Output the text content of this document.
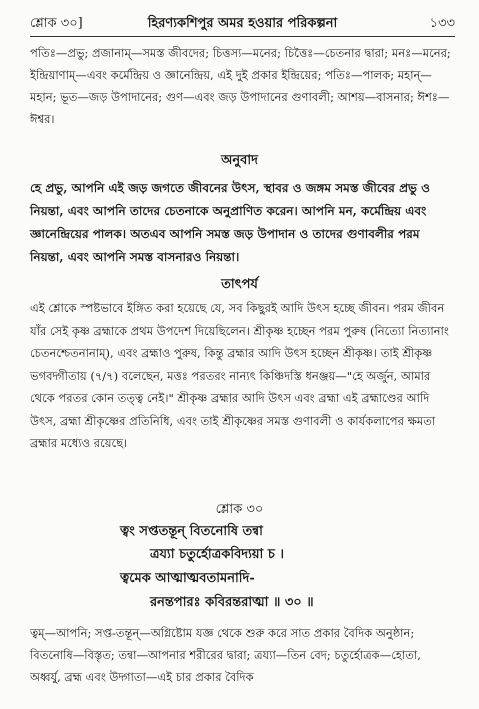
শ্লোক ৩০]	হিরণ্যকশিপুর অমর হওয়ার পরিকল্পনা	১৩৩

পতিঃ—প্রভু; প্রজানাম্—সমস্ত জীবদের; চিত্তস্য—মনের; চিত্তৈঃ—চেতনার দ্বারা; মনঃ—মনের; ইন্দ্রিয়াণাম্—এবং কর্মেন্দ্রিয় ও জ্ঞানেন্দ্রিয়, এই দুই প্রকার ইন্দ্রিয়ের; পতিঃ—পালক; মহান্—মহান; ভূত—জড় উপাদানের; গুণ—এবং জড় উপাদানের গুণাবলী; আশয়—বাসনার; ঈশঃ—ঈশ্বর।

অনুবাদ

হে প্রভু, আপনি এই জড় জগতে জীবনের উৎস, স্থাবর ও জঙ্গম সমস্ত জীবের প্রভু ও নিয়ন্তা, এবং আপনি তাদের চেতনাকে অনুপ্রাণিত করেন। আপনি মন, কর্মেন্দ্রিয় এবং জ্ঞানেন্দ্রিয়ের পালক। অতএব আপনি সমস্ত জড় উপাদান ও তাদের গুণাবলীর পরম নিয়ন্তা, এবং আপনি সমস্ত বাসনারও নিয়ন্তা।

তাৎপর্য

এই শ্লোকে স্পষ্টভাবে ইঙ্গিত করা হয়েছে যে, সব কিছুরই আদি উৎস হচ্ছে জীবন। পরম জীবন যাঁর সেই কৃষ্ণ ব্রহ্মাকে প্রথম উপদেশ দিয়েছিলেন। শ্রীকৃষ্ণ হচ্ছেন পরম পুরুষ (নিত্যো নিত্যানাং চেতনশ্চেতনানাম্), এবং ব্রহ্মাও পুরুষ, কিন্তু ব্রহ্মার আদি উৎস হচ্ছেন শ্রীকৃষ্ণ। তাই শ্রীকৃষ্ণ ভগবদ্গীতায় (৭/৭) বলেছেন, মত্তঃ পরতরং নান্যৎ কিঞ্চিদস্তি ধনঞ্জয়—"হে অর্জুন, আমার থেকে পরতর কোন তত্ত্ব নেই।" শ্রীকৃষ্ণ ব্রহ্মার আদি উৎস এবং ব্রহ্মা এই ব্রহ্মাণ্ডের আদি উৎস, ব্রহ্মা শ্রীকৃষ্ণের প্রতিনিধি, এবং তাই শ্রীকৃষ্ণের সমস্ত গুণাবলী ও কার্যকলাপের ক্ষমতা ব্রহ্মার মধ্যেও রয়েছে।

শ্লোক ৩০
ত্বং সপ্ততন্তূন্ বিতনোষি তন্বা
ত্রয্যা চতুর্হোত্রকবিদ্যয়া চ ।
ত্বমেক আত্মাত্মবতামনাদি-
রনন্তপারঃ কবিরন্তরাত্মা ॥ ৩০ ॥

ত্বম্—আপনি; সপ্ত-তন্তূন্—অগ্নিষ্টোম যজ্ঞ থেকে শুরু করে সাত প্রকার বৈদিক অনুষ্ঠান; বিতনোষি—বিস্তৃত; তন্বা—আপনার শরীরের দ্বারা; ত্রয্যা—তিন বেদ; চতুর্হোত্রক—হোতা, অধ্বর্যু, ব্রহ্ম এবং উদ্গাতা—এই চার প্রকার বৈদিক
